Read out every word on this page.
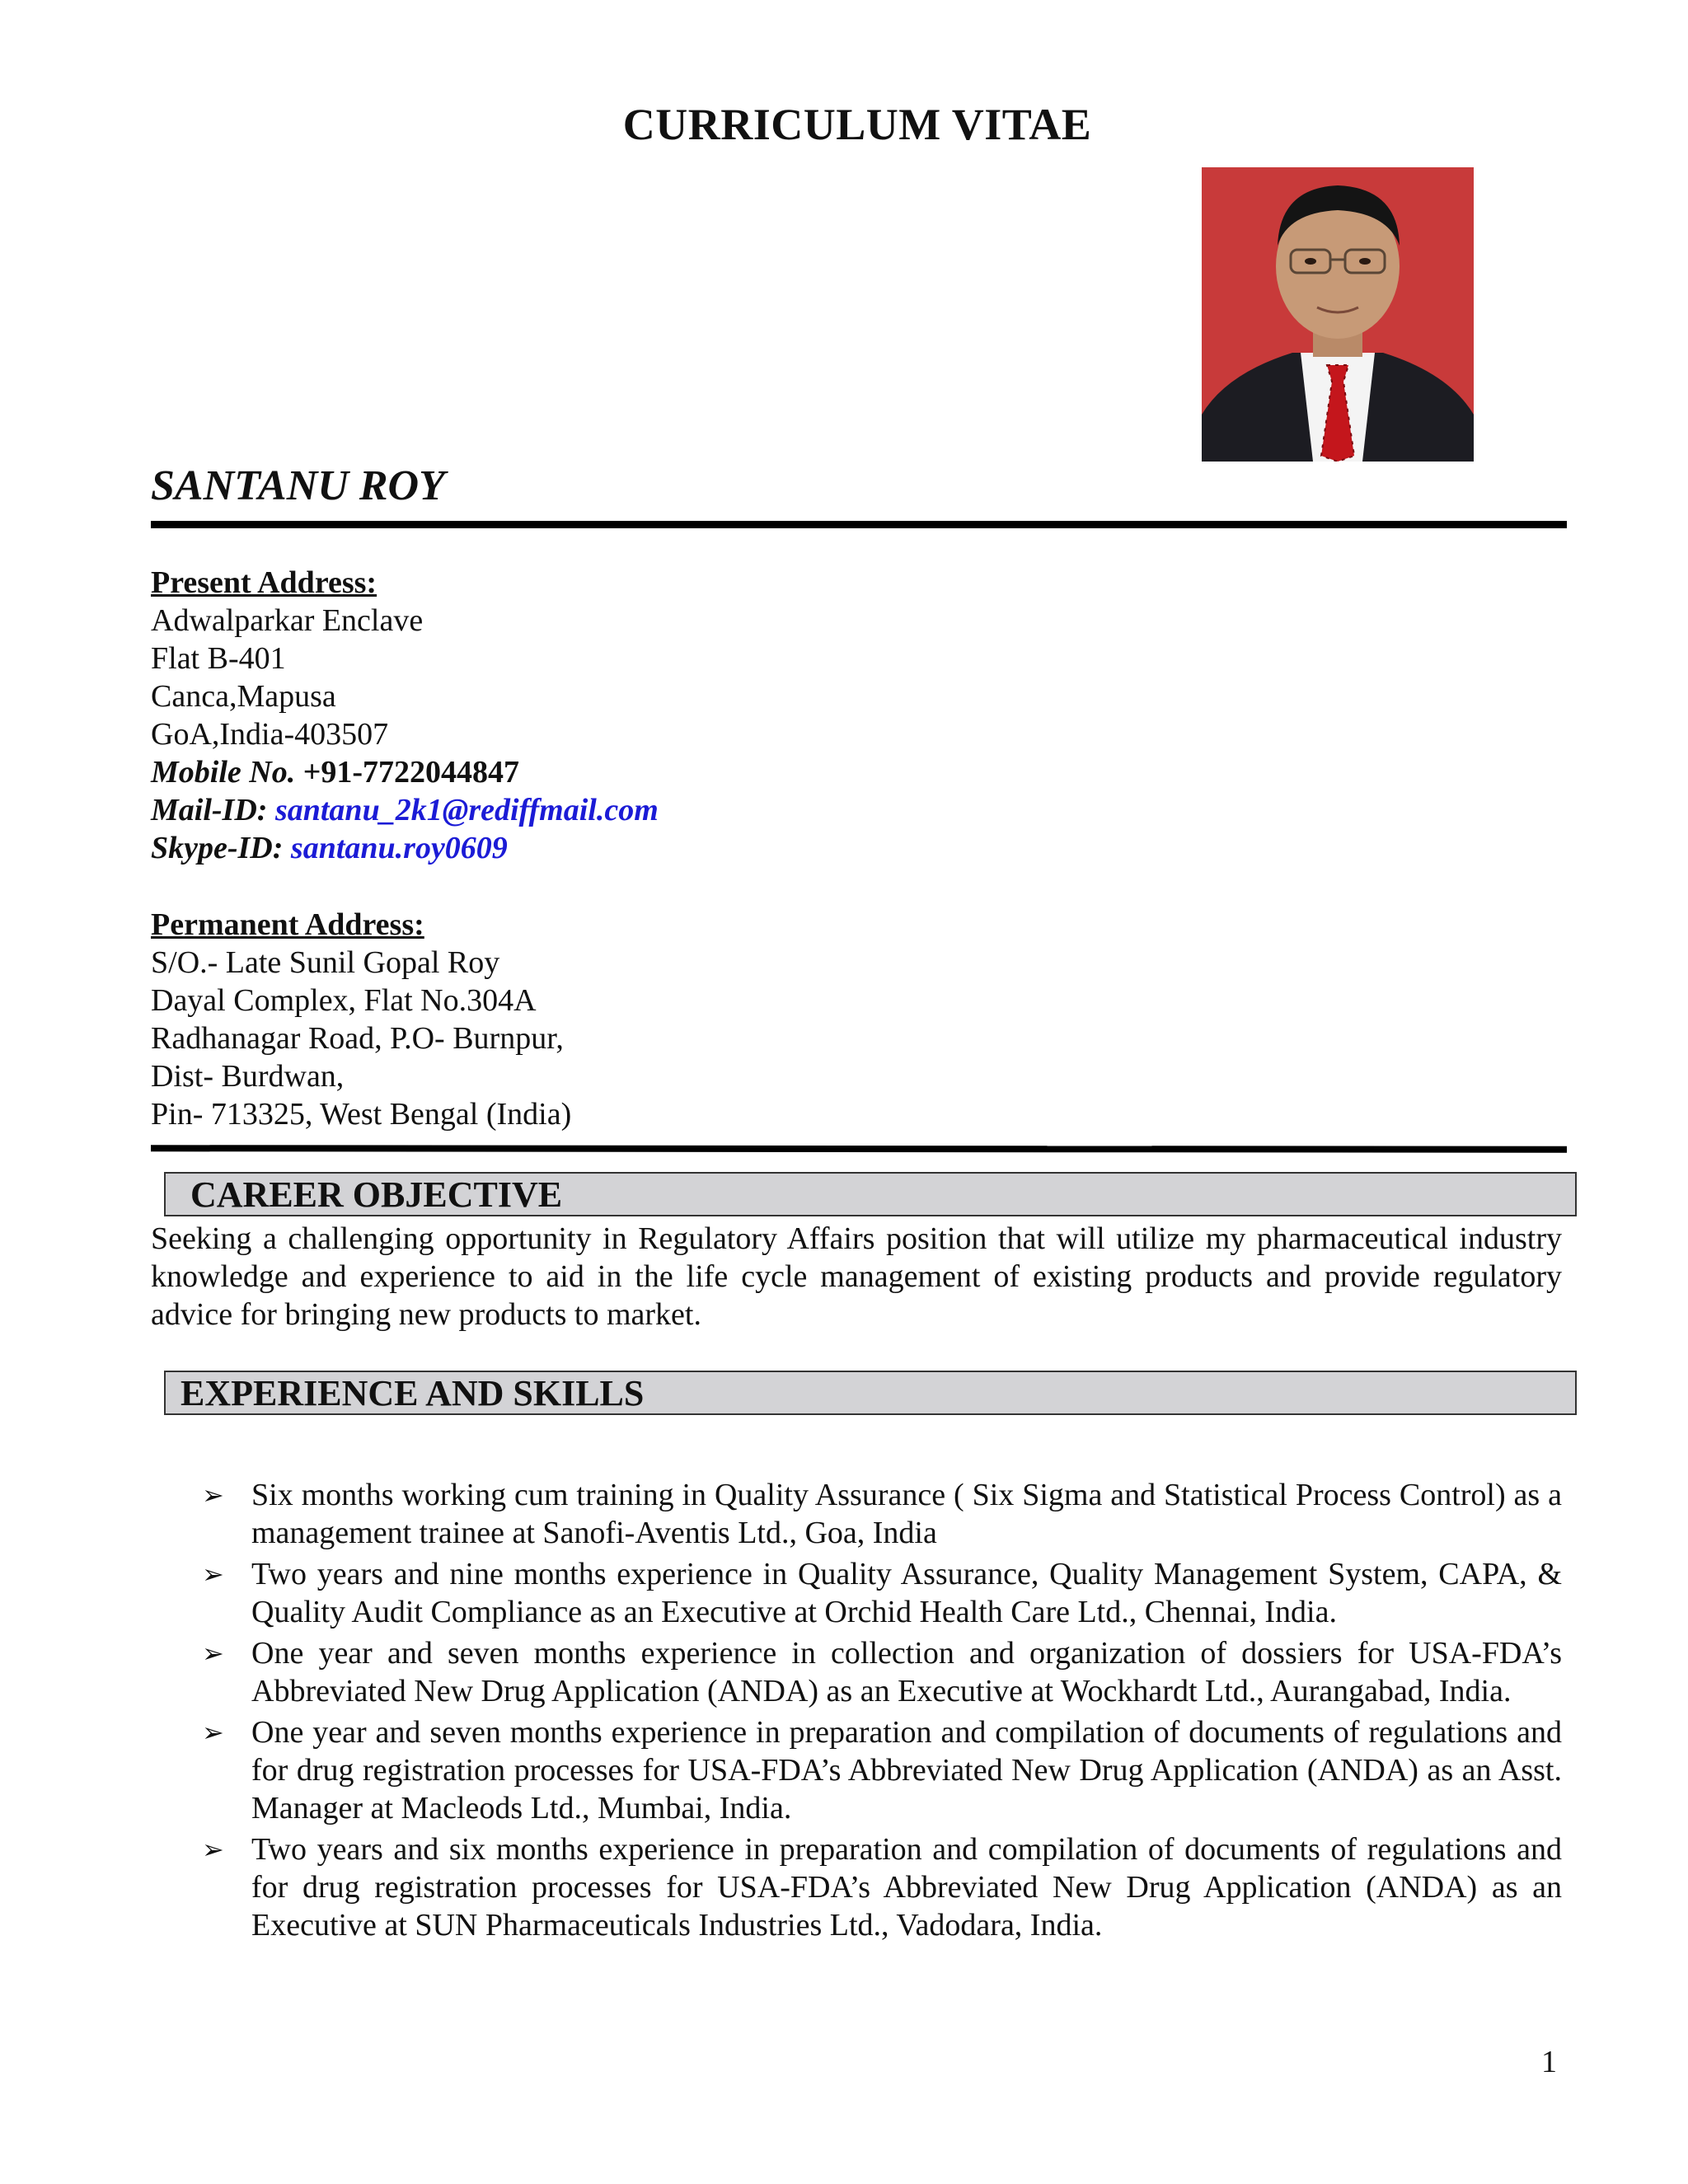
CURRICULUM VITAE
SANTANU ROY
Present Address:
Adwalparkar Enclave
Flat B-401
Canca,Mapusa
GoA,India-403507
Mobile No. +91-7722044847
Mail-ID: santanu_2k1@rediffmail.com
Skype-ID: santanu.roy0609
Permanent Address:
S/O.- Late Sunil Gopal Roy
Dayal Complex, Flat No.304A
Radhanagar Road, P.O- Burnpur,
Dist- Burdwan,
Pin- 713325, West Bengal (India)
CAREER OBJECTIVE
Seeking a challenging opportunity in Regulatory Affairs position that will utilize my pharmaceutical industry knowledge and experience to aid in the life cycle management of existing products and provide regulatory advice for bringing new products to market.
EXPERIENCE AND SKILLS
➢ Six months working cum training in Quality Assurance ( Six Sigma and Statistical Process Control) as a management trainee at Sanofi-Aventis Ltd., Goa, India
➢ Two years and nine months experience in Quality Assurance, Quality Management System, CAPA, & Quality Audit Compliance as an Executive at Orchid Health Care Ltd., Chennai, India.
➢ One year and seven months experience in collection and organization of dossiers for USA-FDA’s Abbreviated New Drug Application (ANDA) as an Executive at Wockhardt Ltd., Aurangabad, India.
➢ One year and seven months experience in preparation and compilation of documents of regulations and for drug registration processes for USA-FDA’s Abbreviated New Drug Application (ANDA) as an Asst. Manager at Macleods Ltd., Mumbai, India.
➢ Two years and six months experience in preparation and compilation of documents of regulations and for drug registration processes for USA-FDA’s Abbreviated New Drug Application (ANDA) as an Executive at SUN Pharmaceuticals Industries Ltd., Vadodara, India.
1
